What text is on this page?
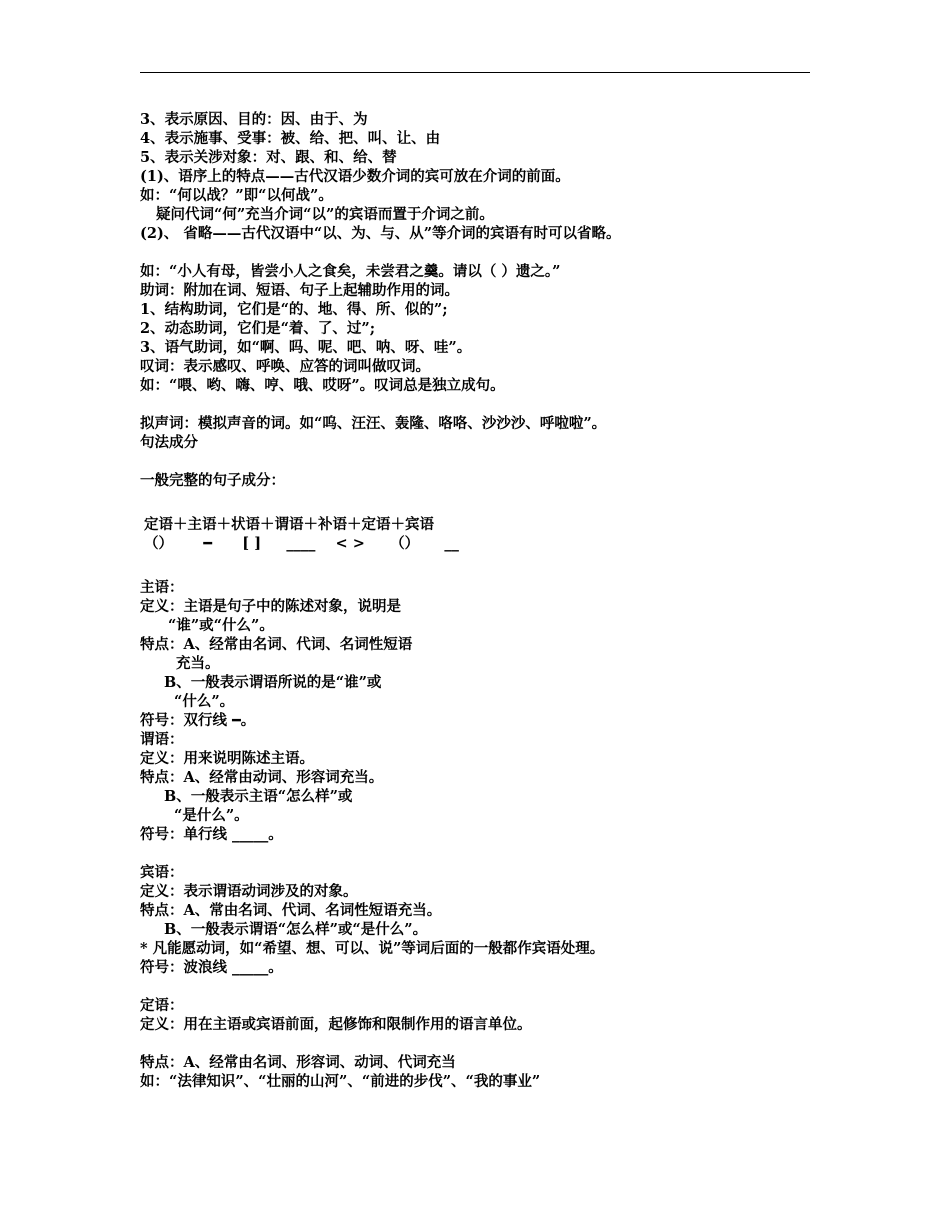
3、表示原因、目的：因、由于、为
4、表示施事、受事：被、给、把、叫、让、由
5、表示关涉对象：对、跟、和、给、替
(1)、语序上的特点——古代汉语少数介词的宾可放在介词的前面。
如：“何以战？”即“以何战”。
疑问代词“何”充当介词“以”的宾语而置于介词之前。
(2)、 省略——古代汉语中“以、为、与、从”等介词的宾语有时可以省略。
如：“小人有母，皆尝小人之食矣，未尝君之羹。请以（ ）遗之。”
助词：附加在词、短语、句子上起辅助作用的词。
1、结构助词，它们是“的、地、得、所、似的”;
2、动态助词，它们是“着、了、过”;
3、语气助词，如“啊、吗、呢、吧、呐、呀、哇”。
叹词：表示感叹、呼唤、应答的词叫做叹词。
如：“喂、哟、嗨、哼、哦、哎呀”。叹词总是独立成句。
拟声词：模拟声音的词。如“呜、汪汪、轰隆、咯咯、沙沙沙、呼啦啦”。
句法成分
一般完整的句子成分：
定语＋主语＋状语＋谓语＋补语＋定语＋宾语
（）      ━      [ ]     ____    < >     （）     __
主语：
定义：主语是句子中的陈述对象，说明是
“谁”或“什么”。
特点：A、经常由名词、代词、名词性短语
充当。
B、一般表示谓语所说的是“谁”或
“什么”。
符号：双行线 ━。
谓语：
定义：用来说明陈述主语。
特点：A、经常由动词、形容词充当。
B、一般表示主语“怎么样”或
“是什么”。
符号：单行线 _____。
宾语：
定义：表示谓语动词涉及的对象。
特点：A、常由名词、代词、名词性短语充当。
B、一般表示谓语“怎么样”或“是什么”。
* 凡能愿动词，如“希望、想、可以、说”等词后面的一般都作宾语处理。
符号：波浪线 _____。
定语：
定义：用在主语或宾语前面，起修饰和限制作用的语言单位。
特点：A、经常由名词、形容词、动词、代词充当
如：“法律知识”、“壮丽的山河”、“前进的步伐”、“我的事业”
